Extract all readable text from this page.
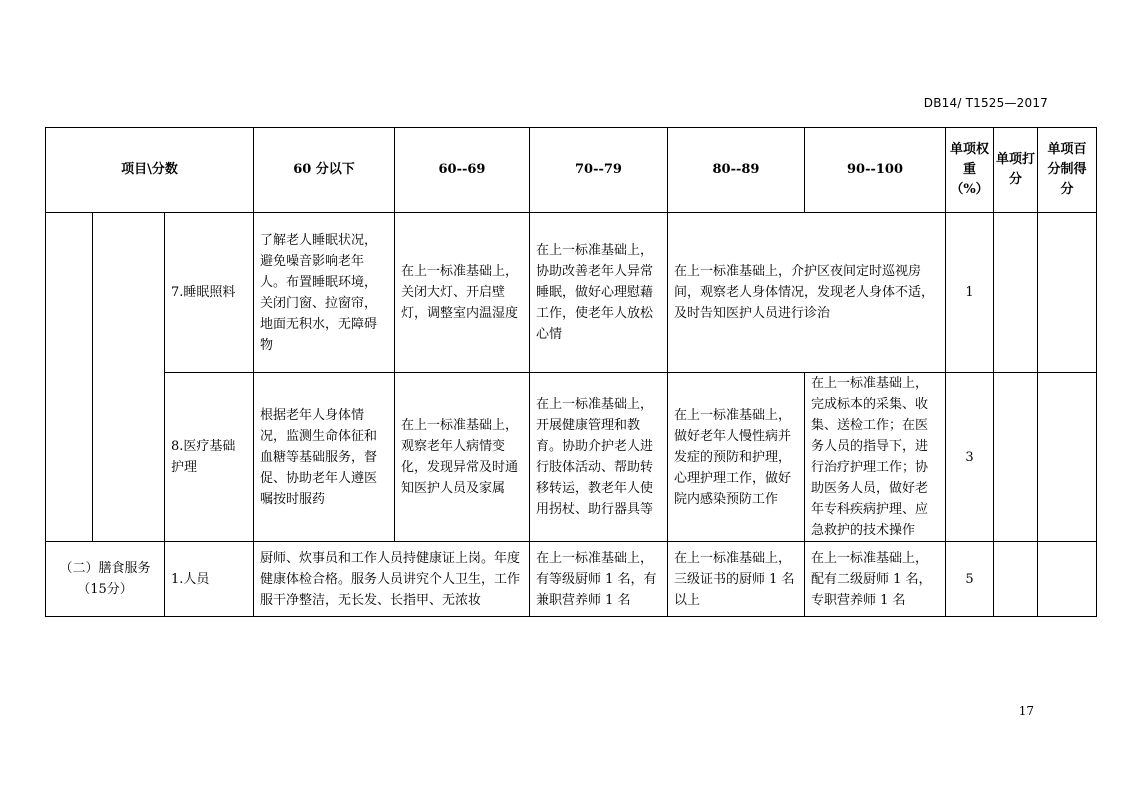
DB14/ T1525—2017
项目\分数			60 分以下	60--69	70--79	80--89	90--100	单项权重（%）	单项打分	单项百分制得分
		7.睡眠照料	了解老人睡眠状况，避免噪音影响老年人。布置睡眠环境，关闭门窗、拉窗帘，地面无积水，无障碍物	在上一标准基础上，关闭大灯、开启壁灯，调整室内温湿度	在上一标准基础上，协助改善老年人异常睡眠，做好心理慰藉工作，使老年人放松心情	在上一标准基础上，介护区夜间定时巡视房间，观察老人身体情况，发现老人身体不适，及时告知医护人员进行诊治		1		
		8.医疗基础护理	根据老年人身体情况，监测生命体征和血糖等基础服务，督促、协助老年人遵医嘱按时服药	在上一标准基础上，观察老年人病情变化，发现异常及时通知医护人员及家属	在上一标准基础上，开展健康管理和教育。协助介护老人进行肢体活动、帮助转移转运，教老年人使用拐杖、助行器具等	在上一标准基础上，做好老年人慢性病并发症的预防和护理，心理护理工作，做好院内感染预防工作	在上一标准基础上，完成标本的采集、收集、送检工作；在医务人员的指导下，进行治疗护理工作；协助医务人员，做好老年专科疾病护理、应急救护的技术操作	3		
（二）膳食服务（15分）		1.人员	厨师、炊事员和工作人员持健康证上岗。年度健康体检合格。服务人员讲究个人卫生，工作服干净整洁，无长发、长指甲、无浓妆		在上一标准基础上，有等级厨师 1 名，有兼职营养师 1 名	在上一标准基础上，三级证书的厨师 1 名以上	在上一标准基础上，配有二级厨师 1 名，专职营养师 1 名	5		
17
